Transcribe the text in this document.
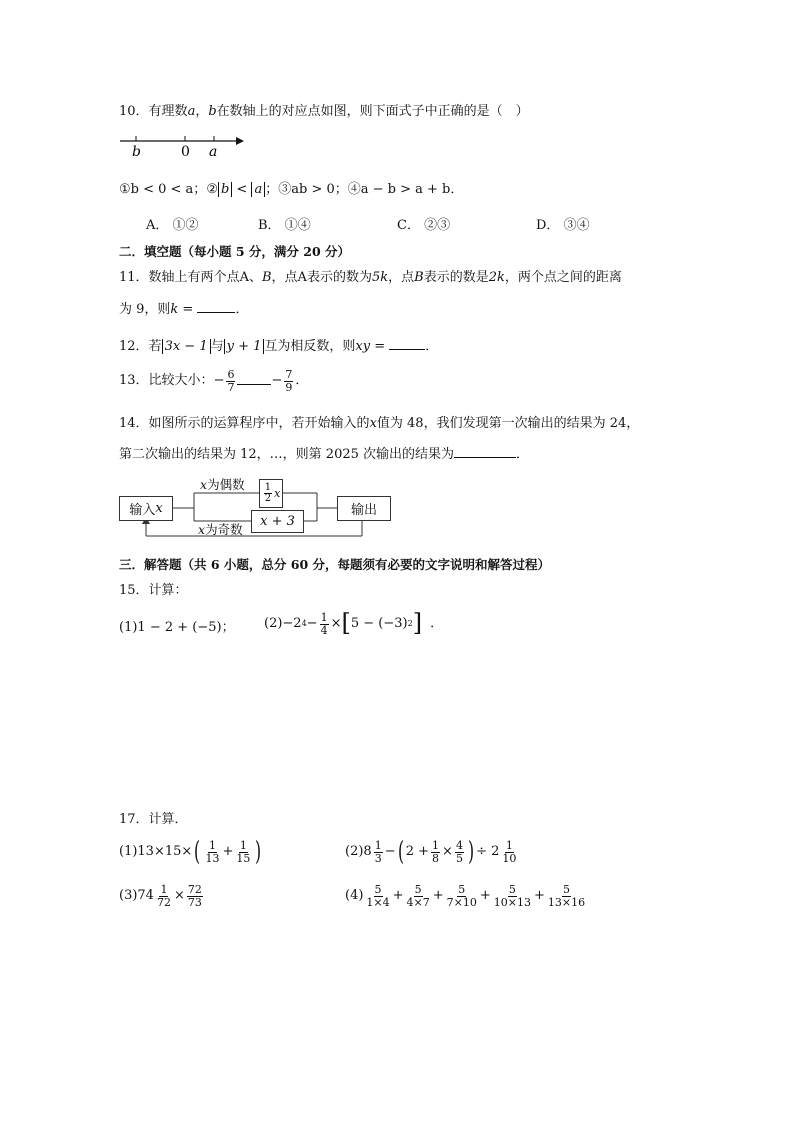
10．有理数a，b在数轴上的对应点如图，则下面式子中正确的是（　）
b	0 a
①b < 0 < a；② b < a ；③ab > 0；④a − b > a + b．
A． ①②	B． ①④	C． ②③	D． ③④
二．填空题（每小题 5 分，满分 20 分）
11．数轴上有两个点A、B，点A表示的数为5k，点B表示的数是2k，两个点之间的距离
为 9，则k =	．
12．若 3x − 1 与 y + 1 互为相反数，则xy =	．
13． 比较大小： − $\frac{6}{7}$	− $\frac{7}{9}$ ．
14．如图所示的运算程序中，若开始输入的x值为 48，我们发现第一次输出的结果为 24，
第二次输出的结果为 12，…，则第 2025 次输出的结果为	．
输入 x
x为偶数 $\frac{1}{2}$ x
x + 3
x为奇数
输出
三．解答题（共 6 小题，总分 60 分，每题须有必要的文字说明和解答过程）
15．计算：
(1)1 − 2 + (−5)； (2)−2 $4 - \frac{1}{4}$ × [ 5 − (−3) 2 ] ．
17．计算．
(1)13×15× ( $\frac{1}{13} + \frac{1}{15}$ )	$(2)8 \frac{1}{3}$ − ( $2 + \frac{1}{8} \times \frac{4}{5}$ ) ÷ $2 \frac{1}{10}$
$(3)74 \frac{1}{72} \times \frac{72}{73}$	$(4) \frac{5}{1\times 4} + \frac{5}{4\times 7} + \frac{5}{7\times 10} + \frac{5}{10\times 13} + \frac{5}{13\times 16}$
